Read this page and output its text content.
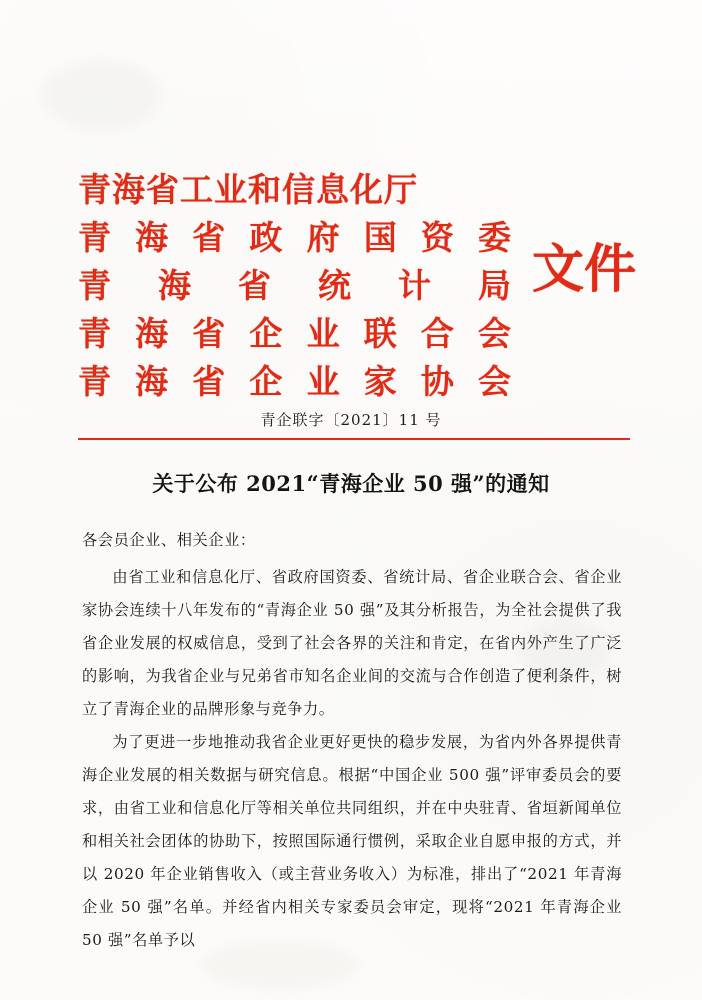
青海省工业和信息化厅
青 海 省 政 府 国 资 委
青 海 省 统 计 局
青 海 省 企 业 联 合 会
青 海 省 企 业 家 协 会
文件
青企联字〔2021〕11 号
关于公布 2021“青海企业 50 强”的通知

各会员企业、相关企业：

由省工业和信息化厅、省政府国资委、省统计局、省企业联合会、省企业家协会连续十八年发布的“青海企业 50 强”及其分析报告，为全社会提供了我省企业发展的权威信息，受到了社会各界的关注和肯定，在省内外产生了广泛的影响，为我省企业与兄弟省市知名企业间的交流与合作创造了便利条件，树立了青海企业的品牌形象与竞争力。

为了更进一步地推动我省企业更好更快的稳步发展，为省内外各界提供青海企业发展的相关数据与研究信息。根据“中国企业 500 强”评审委员会的要求，由省工业和信息化厅等相关单位共同组织，并在中央驻青、省垣新闻单位和相关社会团体的协助下，按照国际通行惯例，采取企业自愿申报的方式，并以 2020 年企业销售收入（或主营业务收入）为标准，排出了“2021 年青海企业 50 强”名单。并经省内相关专家委员会审定，现将“2021 年青海企业 50 强”名单予以
